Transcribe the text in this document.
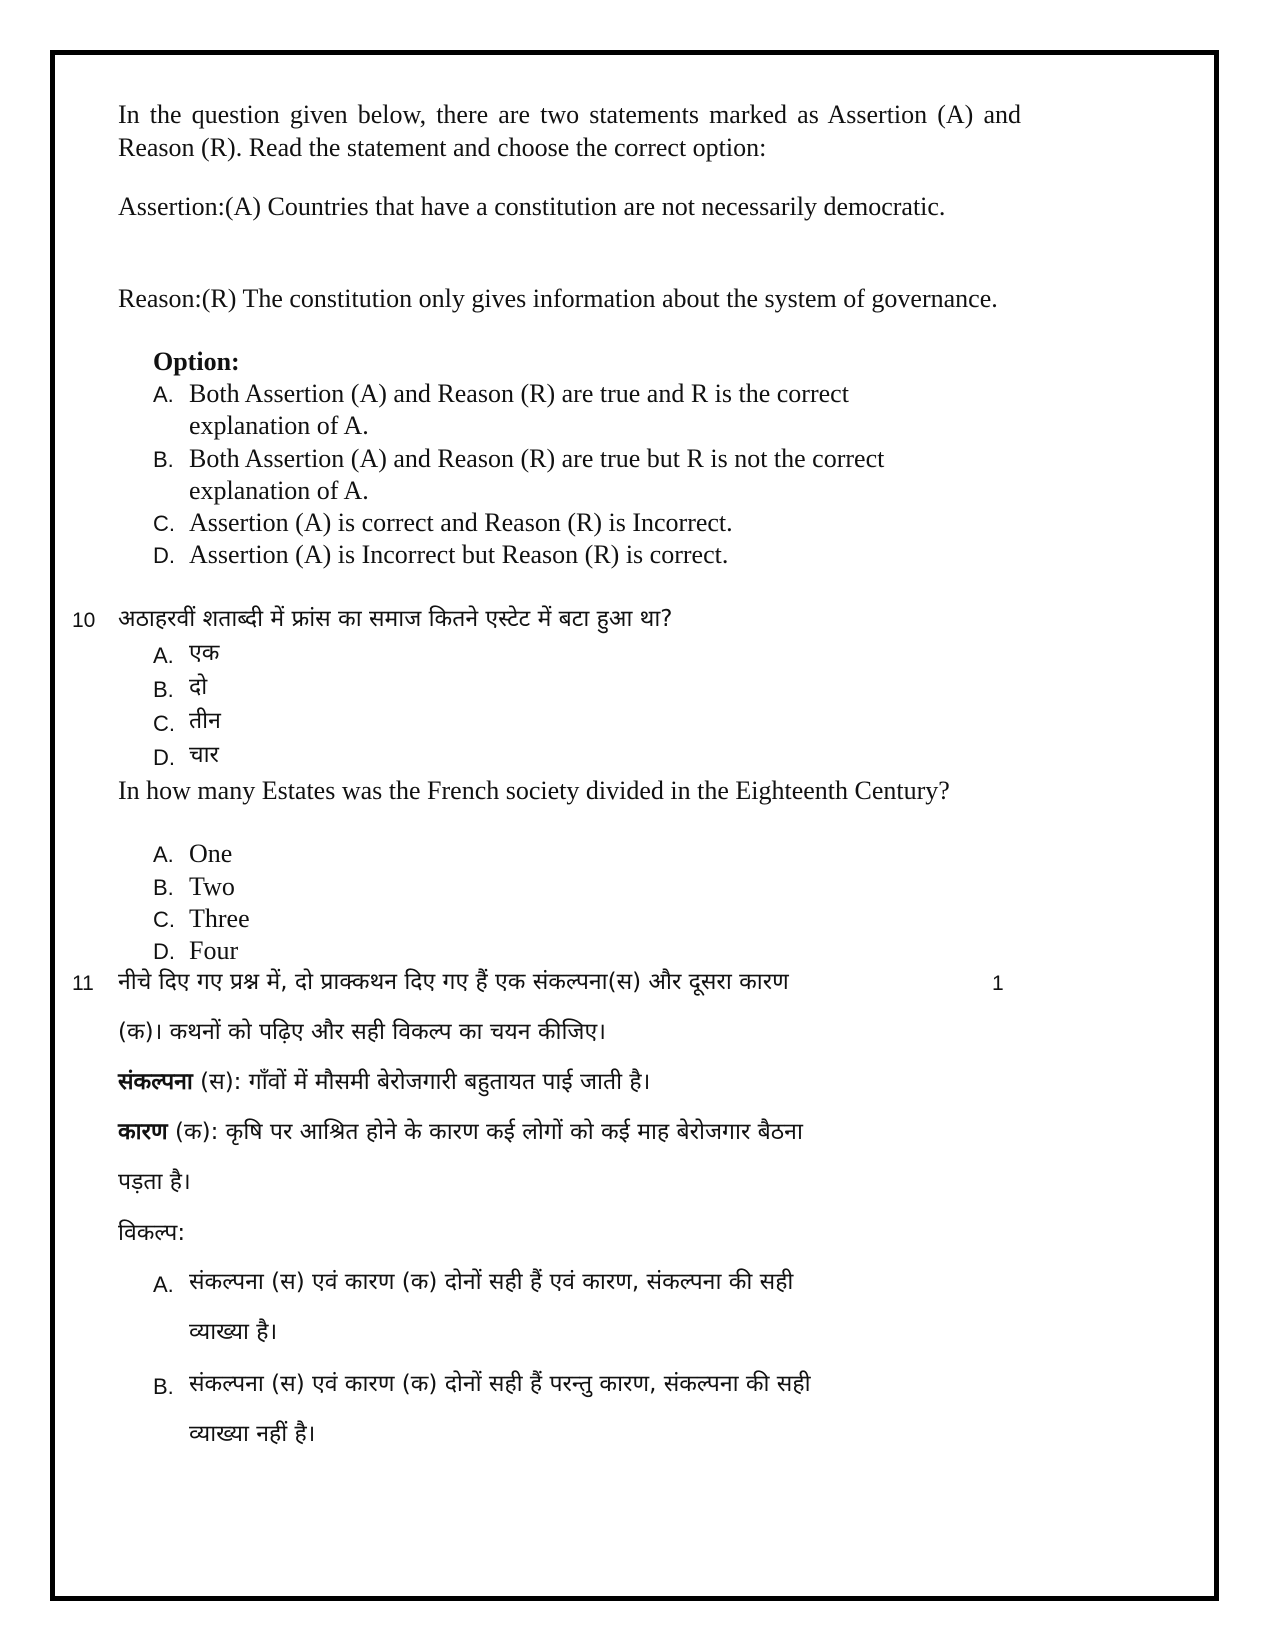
In the question given below, there are two statements marked as Assertion (A) and Reason (R). Read the statement and choose the correct option:

Assertion:(A) Countries that have a constitution are not necessarily democratic.

Reason:(R) The constitution only gives information about the system of governance.

Option:
A. Both Assertion (A) and Reason (R) are true and R is the correct
explanation of A.
B. Both Assertion (A) and Reason (R) are true but R is not the correct
explanation of A.
C. Assertion (A) is correct and Reason (R) is Incorrect.
D. Assertion (A) is Incorrect but Reason (R) is correct.
10 अठाहरवीं शताब्दी में फ्रांस का समाज कितने एस्टेट में बटा हुआ था?
A. एक
B. दो
C. तीन
D. चार

In how many Estates was the French society divided in the Eighteenth Century?

A. One
B. Two
C. Three
D. Four
11 नीचे दिए गए प्रश्न में, दो प्राक्कथन दिए गए हैं एक संकल्पना(स) और दूसरा कारण	1
(क)। कथनों को पढ़िए और सही विकल्प का चयन कीजिए।
संकल्पना (स): गाँवों में मौसमी बेरोजगारी बहुतायत पाई जाती है।
कारण (क): कृषि पर आश्रित होने के कारण कई लोगों को कई माह बेरोजगार बैठना
पड़ता है।
विकल्प:
A. संकल्पना (स) एवं कारण (क) दोनों सही हैं एवं कारण, संकल्पना की सही
व्याख्या है।
B. संकल्पना (स) एवं कारण (क) दोनों सही हैं परन्तु कारण, संकल्पना की सही
व्याख्या नहीं है।
